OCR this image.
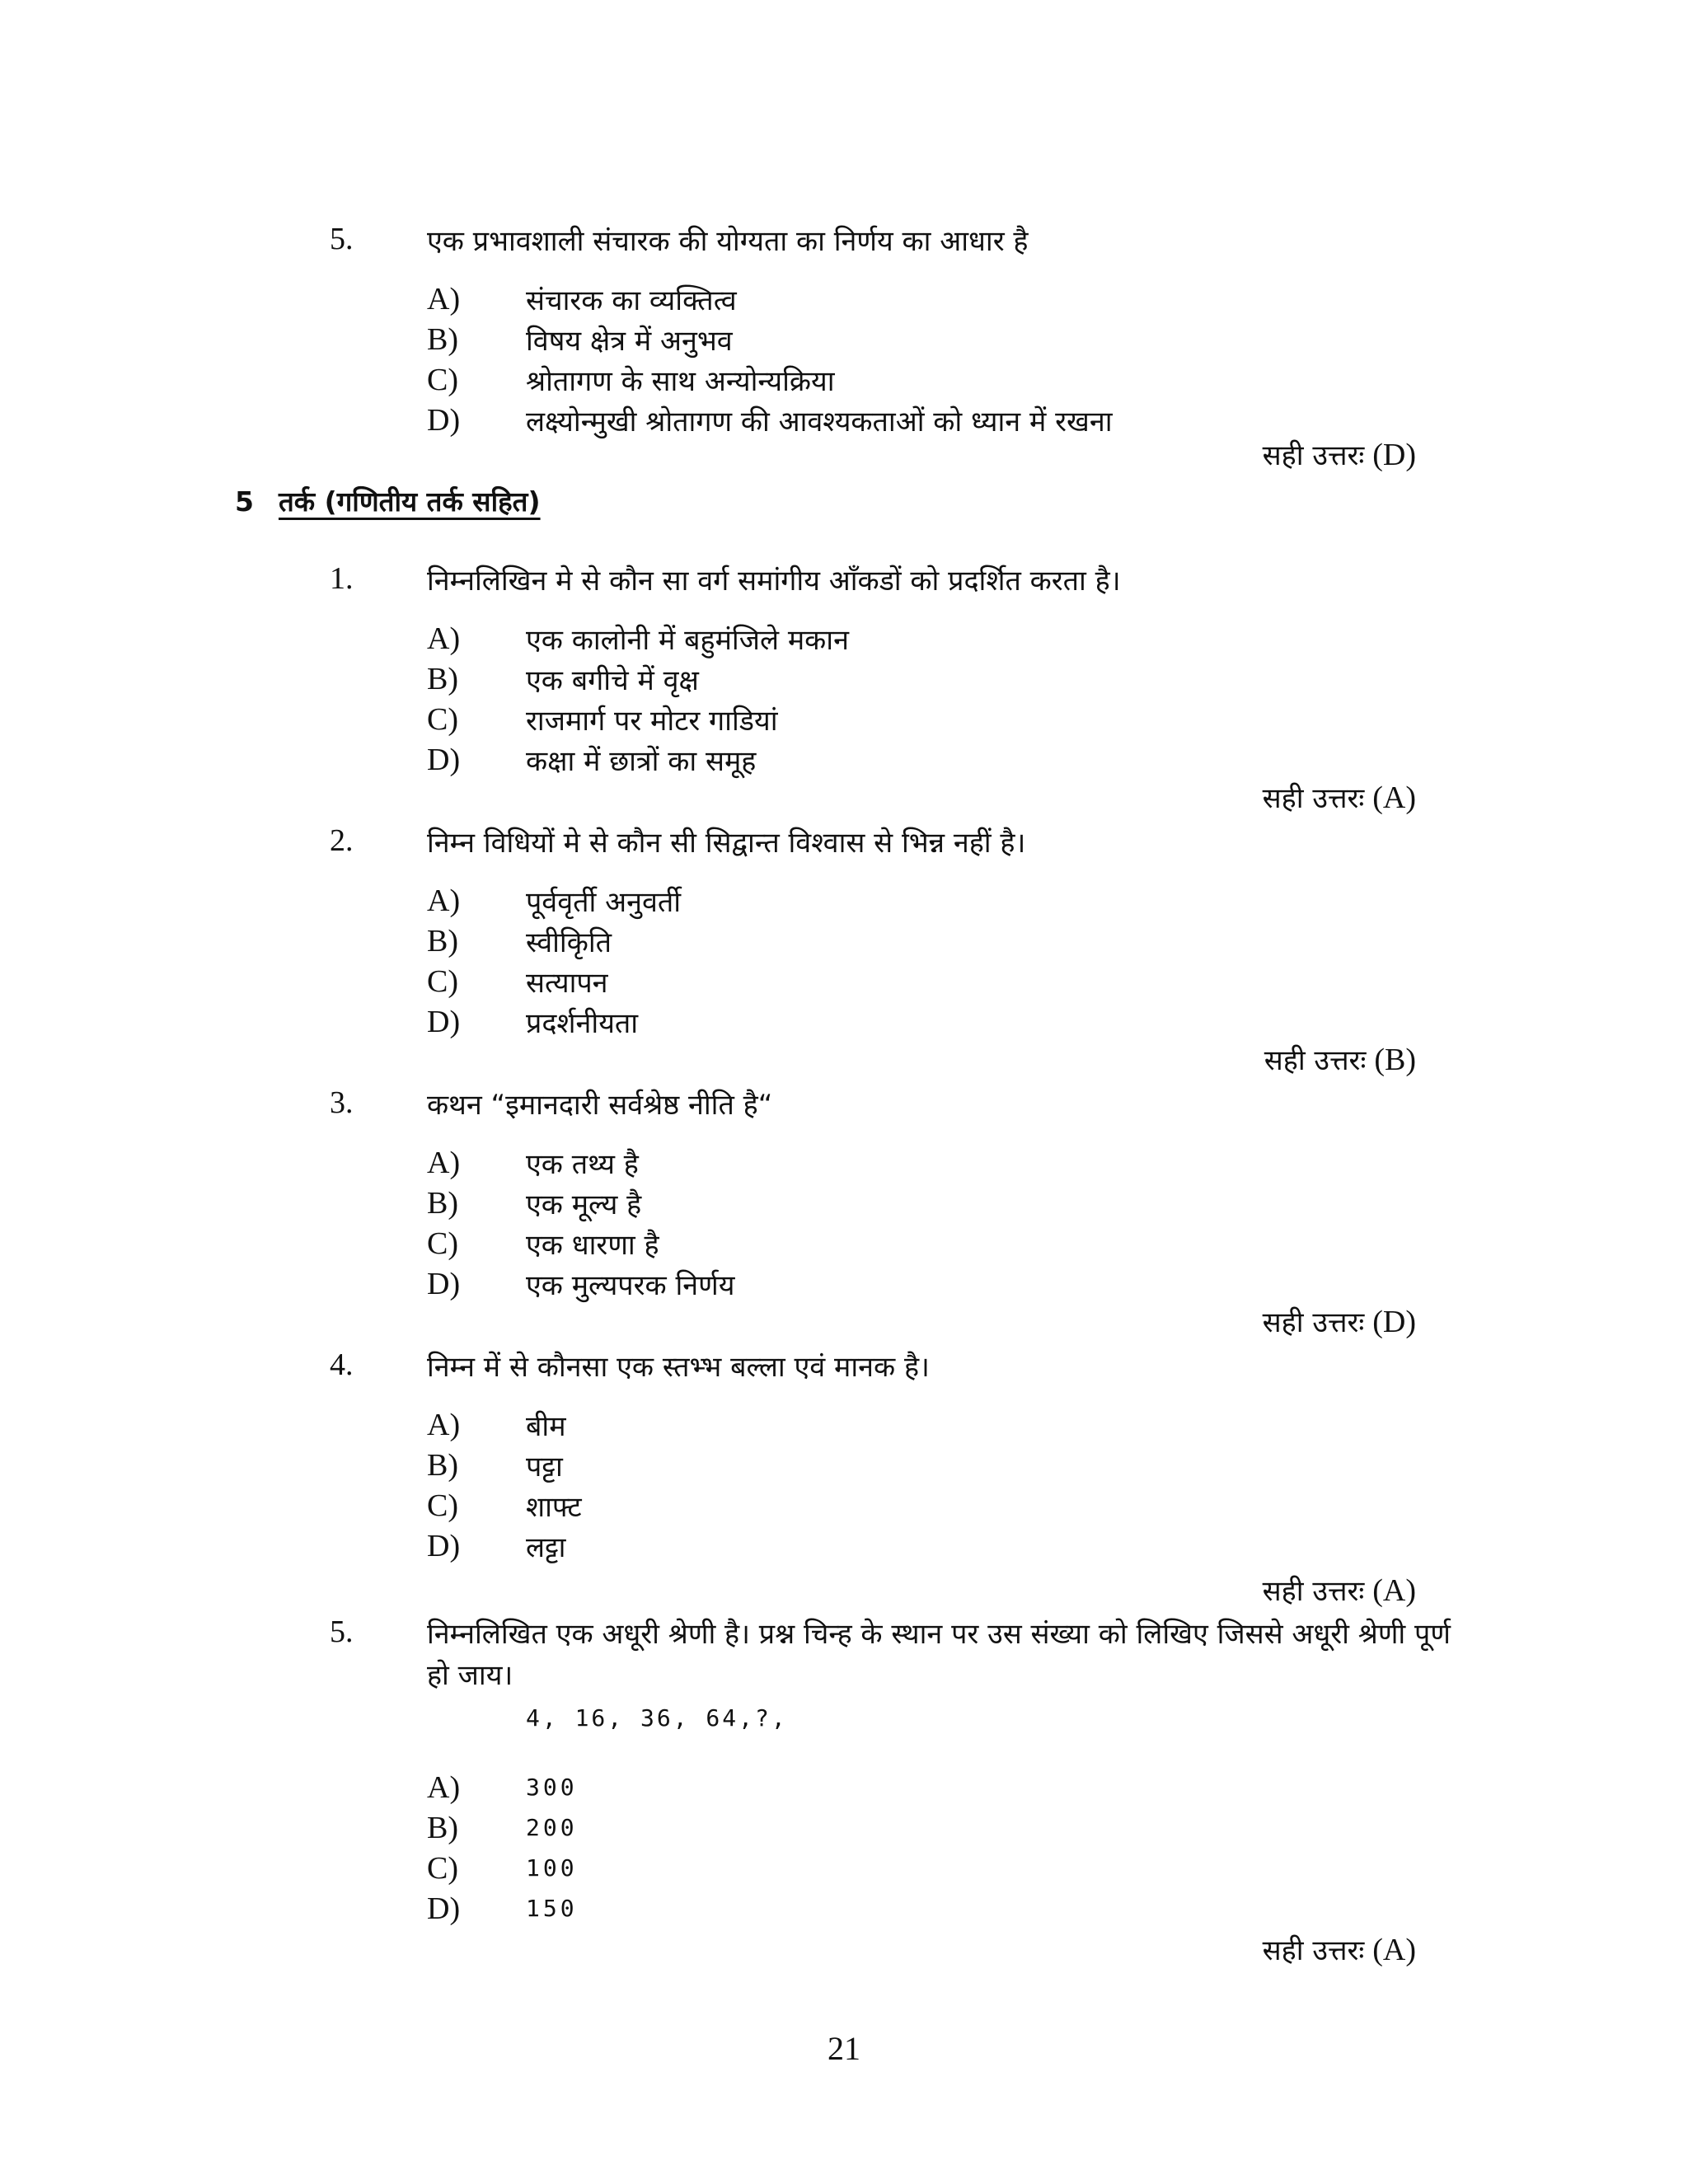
5.	एक प्रभावशाली संचारक की योग्यता का निर्णय का आधार है
A)	संचारक का व्यक्तित्व
B)	विषय क्षेत्र में अनुभव
C)	श्रोतागण के साथ अन्योन्यक्रिया
D)	लक्ष्योन्मुखी श्रोतागण की आवश्यकताओं को ध्यान में रखना
सही उत्तरः (D)
5 तर्क (गणितीय तर्क सहित)
1.	निम्नलिखिन मे से कौन सा वर्ग समांगीय आँकडों को प्रदर्शित करता है।
A)	एक कालोनी में बहुमंजिले मकान
B)	एक बगीचे में वृक्ष
C)	राजमार्ग पर मोटर गाडियां
D)	कक्षा में छात्रों का समूह
सही उत्तरः (A)
2.	निम्न विधियों मे से कौन सी सिद्वान्त विश्वास से भिन्न नहीं है।
A)	पूर्ववृर्ती अनुवर्ती
B)	स्वीकृिति
C)	सत्यापन
D)	प्रदर्शनीयता
सही उत्तरः (B)
3.	कथन “इमानदारी सर्वश्रेष्ठ नीति है“
A)	एक तथ्य है
B)	एक मूल्य है
C)	एक धारणा है
D)	एक मुल्यपरक निर्णय
सही उत्तरः (D)
4.	निम्न में से कौनसा एक स्तभ्भ बल्ला एवं मानक है।
A)	बीम
B)	पट्टा
C)	शाफ्ट
D)	लट्टा
सही उत्तरः (A)
5.	निम्नलिखित एक अधूरी श्रेणी है। प्रश्न चिन्ह के स्थान पर उस संख्या को लिखिए जिससे अधूरी श्रेणी पूर्ण हो जाय।
4, 16, 36, 64,?,
A)	300
B)	200
C)	100
D)	150
सही उत्तरः (A)
21
